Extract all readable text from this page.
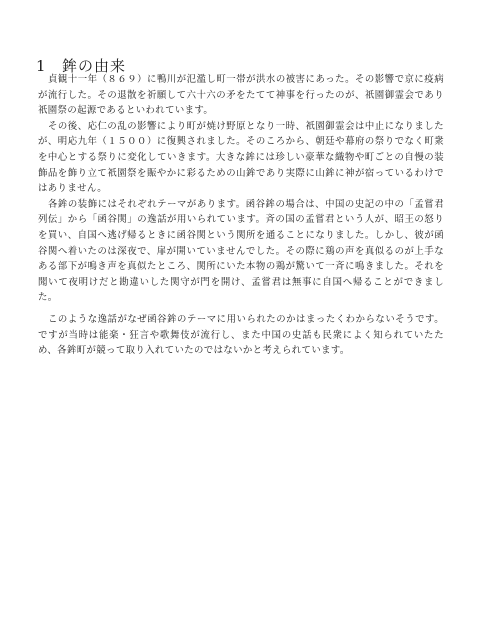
1 鉾の由来

貞観十一年（８６９）に鴨川が氾濫し町一帯が洪水の被害にあった。その影響で京に疫病が流行した。その退散を祈願して六十六の矛をたてて神事を行ったのが、祇園御霊会であり祇園祭の起源であるといわれています。

その後、応仁の乱の影響により町が焼け野原となり一時、祇園御霊会は中止になりましたが、明応九年（１５００）に復興されました。そのころから、朝廷や幕府の祭りでなく町衆を中心とする祭りに変化していきます。大きな鉾には珍しい豪華な織物や町ごとの自慢の装飾品を飾り立て祇園祭を賑やかに彩るための山鉾であり実際に山鉾に神が宿っているわけではありません。

各鉾の装飾にはそれぞれテーマがあります。函谷鉾の場合は、中国の史記の中の「孟嘗君列伝」から「函谷関」の逸話が用いられています。斉の国の孟嘗君という人が、昭王の怒りを買い、自国へ逃げ帰るときに函谷関という関所を通ることになりました。しかし、彼が函谷関へ着いたのは深夜で、扉が開いていませんでした。その際に鶏の声を真似るのが上手なある部下が鳴き声を真似たところ、関所にいた本物の鶏が驚いて一斉に鳴きました。それを聞いて夜明けだと勘違いした関守が門を開け、孟嘗君は無事に自国へ帰ることができました。

このような逸話がなぜ函谷鉾のテーマに用いられたのかはまったくわからないそうです。ですが当時は能楽・狂言や歌舞伎が流行し、また中国の史話も民衆によく知られていたため、各鉾町が競って取り入れていたのではないかと考えられています。
